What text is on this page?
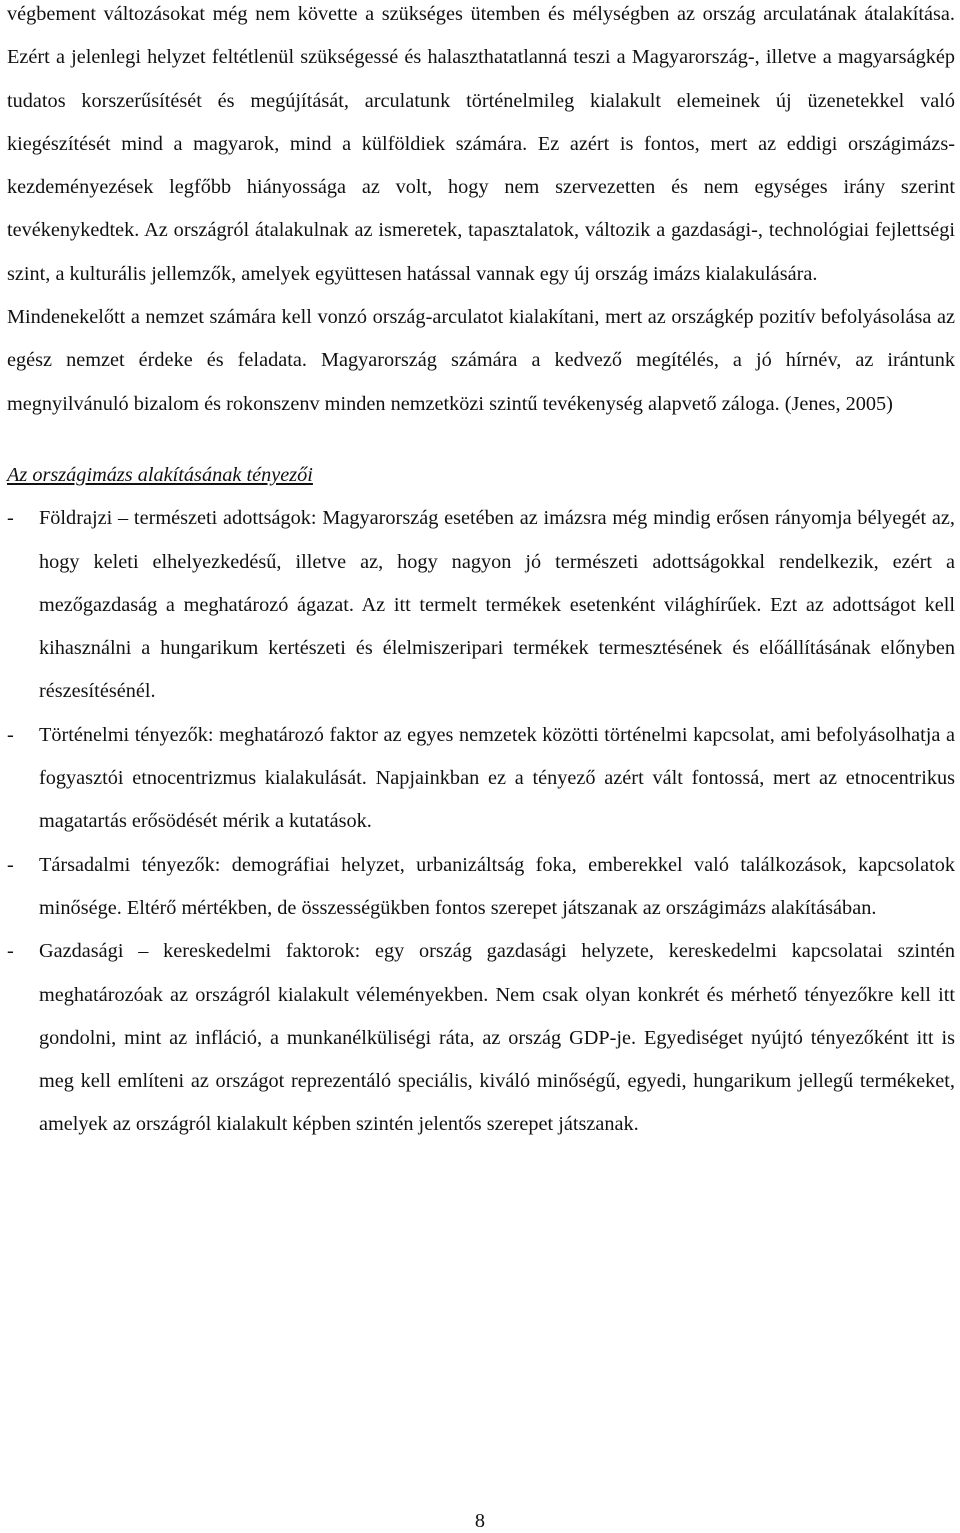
végbement változásokat még nem követte a szükséges ütemben és mélységben az ország arculatának átalakítása. Ezért a jelenlegi helyzet feltétlenül szükségessé és halaszthatatlanná teszi a Magyarország-, illetve a magyarságkép tudatos korszerűsítését és megújítását, arculatunk történelmileg kialakult elemeinek új üzenetekkel való kiegészítését mind a magyarok, mind a külföldiek számára. Ez azért is fontos, mert az eddigi országimázs-kezdeményezések legfőbb hiányossága az volt, hogy nem szervezetten és nem egységes irány szerint tevékenykedtek. Az országról átalakulnak az ismeretek, tapasztalatok, változik a gazdasági-, technológiai fejlettségi szint, a kulturális jellemzők, amelyek együttesen hatással vannak egy új ország imázs kialakulására.

Mindenekelőtt a nemzet számára kell vonzó ország-arculatot kialakítani, mert az országkép pozitív befolyásolása az egész nemzet érdeke és feladata. Magyarország számára a kedvező megítélés, a jó hírnév, az irántunk megnyilvánuló bizalom és rokonszenv minden nemzetközi szintű tevékenység alapvető záloga. (Jenes, 2005)

Az országimázs alakításának tényezői

- Földrajzi – természeti adottságok: Magyarország esetében az imázsra még mindig erősen rányomja bélyegét az, hogy keleti elhelyezkedésű, illetve az, hogy nagyon jó természeti adottságokkal rendelkezik, ezért a mezőgazdaság a meghatározó ágazat. Az itt termelt termékek esetenként világhírűek. Ezt az adottságot kell kihasználni a hungarikum kertészeti és élelmiszeripari termékek termesztésének és előállításának előnyben részesítésénél.
- Történelmi tényezők: meghatározó faktor az egyes nemzetek közötti történelmi kapcsolat, ami befolyásolhatja a fogyasztói etnocentrizmus kialakulását. Napjainkban ez a tényező azért vált fontossá, mert az etnocentrikus magatartás erősödését mérik a kutatások.
- Társadalmi tényezők: demográfiai helyzet, urbanizáltság foka, emberekkel való találkozások, kapcsolatok minősége. Eltérő mértékben, de összességükben fontos szerepet játszanak az országimázs alakításában.
- Gazdasági – kereskedelmi faktorok: egy ország gazdasági helyzete, kereskedelmi kapcsolatai szintén meghatározóak az országról kialakult véleményekben. Nem csak olyan konkrét és mérhető tényezőkre kell itt gondolni, mint az infláció, a munkanélküliségi ráta, az ország GDP-je. Egyediséget nyújtó tényezőként itt is meg kell említeni az országot reprezentáló speciális, kiváló minőségű, egyedi, hungarikum jellegű termékeket, amelyek az országról kialakult képben szintén jelentős szerepet játszanak.
8
